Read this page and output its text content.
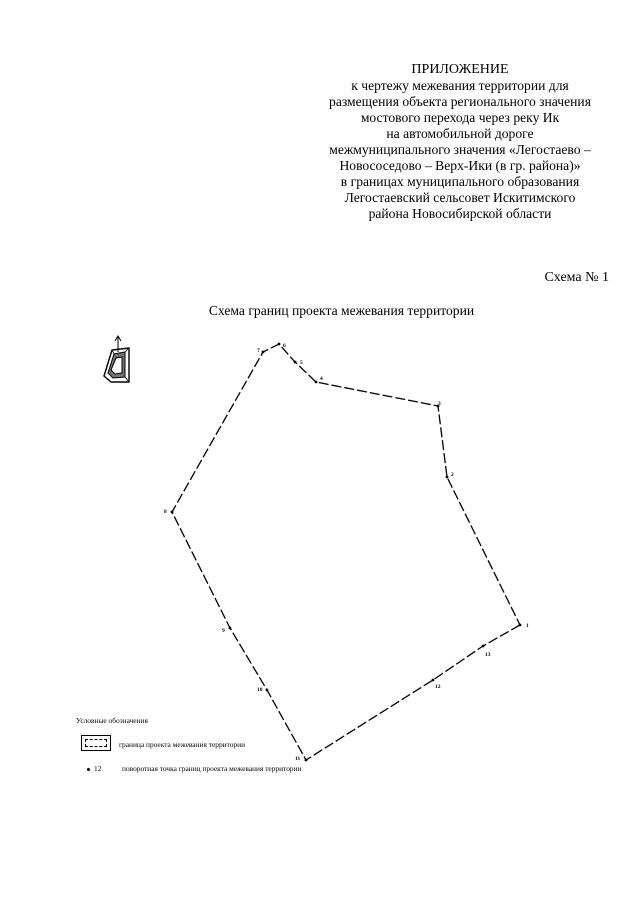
ПРИЛОЖЕНИЕ
к чертежу межевания территории для
размещения объекта регионального значения
мостового перехода через реку Ик
на автомобильной дороге
межмуниципального значения «Легостаево –
Новососедово – Верх-Ики (в гр. района)»
в границах муниципального образования
Легостаевский сельсовет Искитимского
района Новосибирской области
Схема № 1
Схема границ проекта межевания территории
1
13
12
11
10
9
8
7
6
5
4
3
2
Условные обозначения
граница проекта межевания территории
12	поворотная точка границ проекта межевания территории
